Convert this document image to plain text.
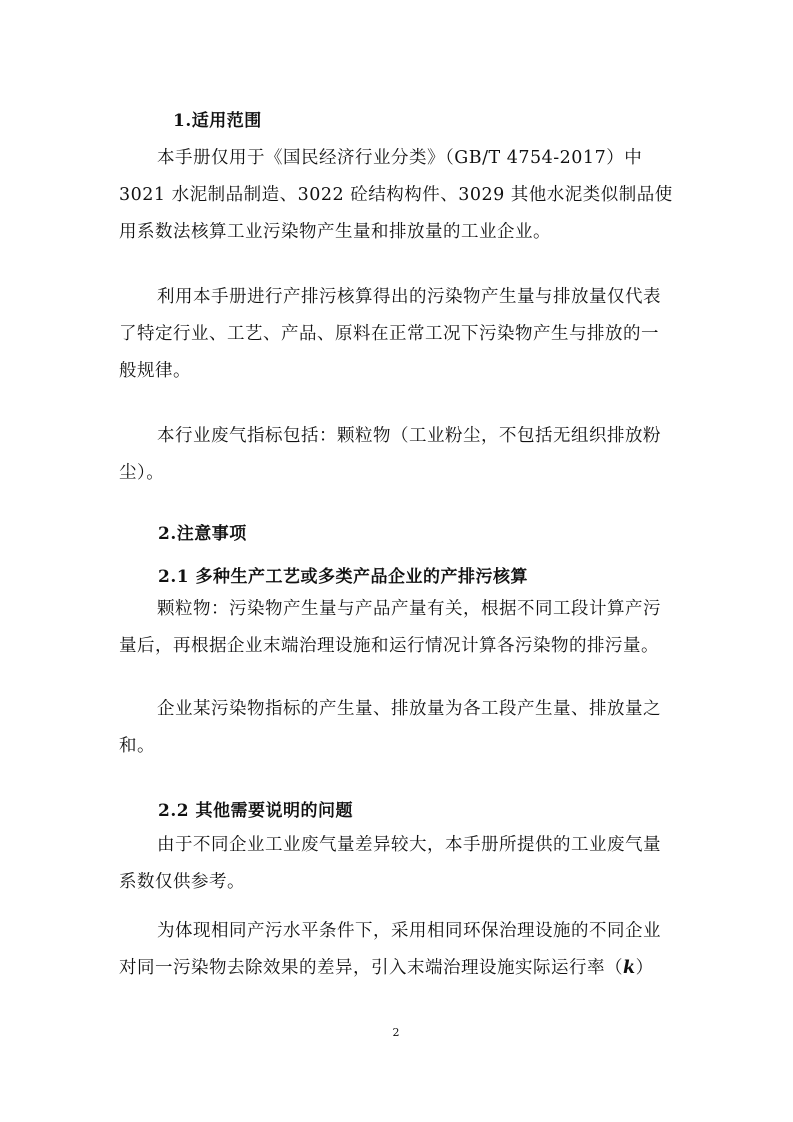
1.适用范围

本手册仅用于《国民经济行业分类》（GB/T 4754-2017）中 3021 水泥制品制造、3022 砼结构构件、3029 其他水泥类似制品使用系数法核算工业污染物产生量和排放量的工业企业。

利用本手册进行产排污核算得出的污染物产生量与排放量仅代表了特定行业、工艺、产品、原料在正常工况下污染物产生与排放的一般规律。

本行业废气指标包括：颗粒物（工业粉尘，不包括无组织排放粉尘）。

2.注意事项
2.1 多种生产工艺或多类产品企业的产排污核算

颗粒物：污染物产生量与产品产量有关，根据不同工段计算产污量后，再根据企业末端治理设施和运行情况计算各污染物的排污量。

企业某污染物指标的产生量、排放量为各工段产生量、排放量之和。

2.2 其他需要说明的问题

由于不同企业工业废气量差异较大，本手册所提供的工业废气量系数仅供参考。

为体现相同产污水平条件下，采用相同环保治理设施的不同企业对同一污染物去除效果的差异，引入末端治理设施实际运行率（k）

2
